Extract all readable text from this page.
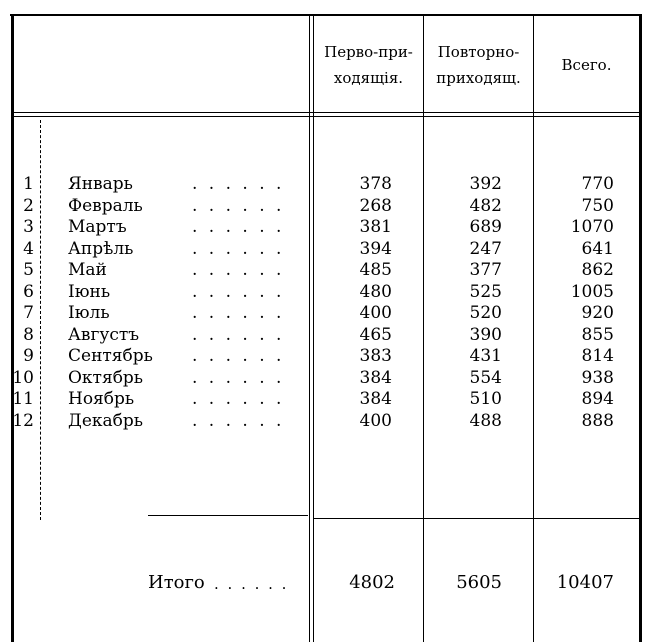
Перво-при-
ходящія.
Повторно-
приходящ.
Всего.
1 Январь	. . . . . .	378	392	770
2 Февраль	. . . . . .	268	482	750
3 Мартъ	. . . . . .	381	689	1070
4 Апрѣль	. . . . . .	394	247	641
5 Май	. . . . . .	485	377	862
6 Іюнь	. . . . . .	480	525	1005
7 Іюль	. . . . . .	400	520	920
8 Августъ	. . . . . .	465	390	855
9 Сентябрь . . . . . .	383	431	814
10 Октябрь	. . . . . .	384	554	938
11 Ноябрь	. . . . . .	384	510	894
12 Декабрь	. . . . . .	400	488	888
Итого . . . . . .	4802	5605	10407
